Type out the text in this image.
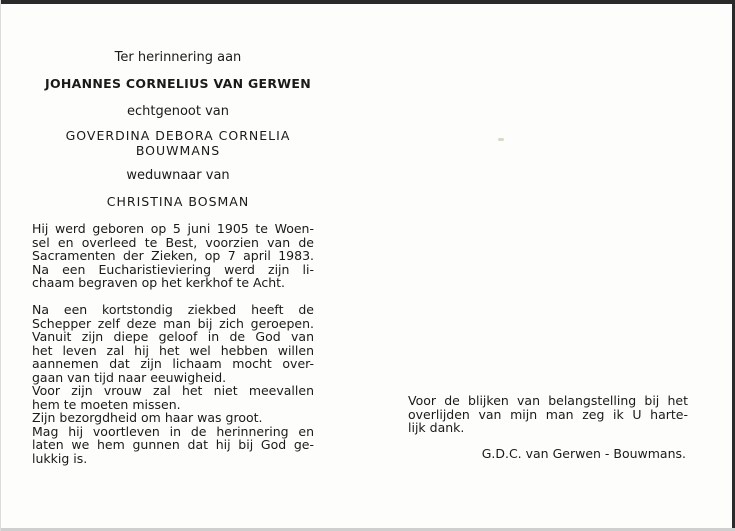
Ter herinnering aan
JOHANNES CORNELIUS VAN GERWEN
echtgenoot van
GOVERDINA DEBORA CORNELIA
BOUWMANS
weduwnaar van
CHRISTINA BOSMAN
Hij werd geboren op 5 juni 1905 te Woen-
sel en overleed te Best, voorzien van de
Sacramenten der Zieken, op 7 april 1983.
Na een Eucharistieviering werd zijn li-
chaam begraven op het kerkhof te Acht.
Na een kortstondig ziekbed heeft de
Schepper zelf deze man bij zich geroepen.
Vanuit zijn diepe geloof in de God van
het leven zal hij het wel hebben willen
aannemen dat zijn lichaam mocht over-
gaan van tijd naar eeuwigheid.
Voor zijn vrouw zal het niet meevallen
hem te moeten missen.
Zijn bezorgdheid om haar was groot.
Mag hij voortleven in de herinnering en
laten we hem gunnen dat hij bij God ge-
lukkig is.
Voor de blijken van belangstelling bij het
overlijden van mijn man zeg ik U harte-
lijk dank.
G.D.C. van Gerwen - Bouwmans.
